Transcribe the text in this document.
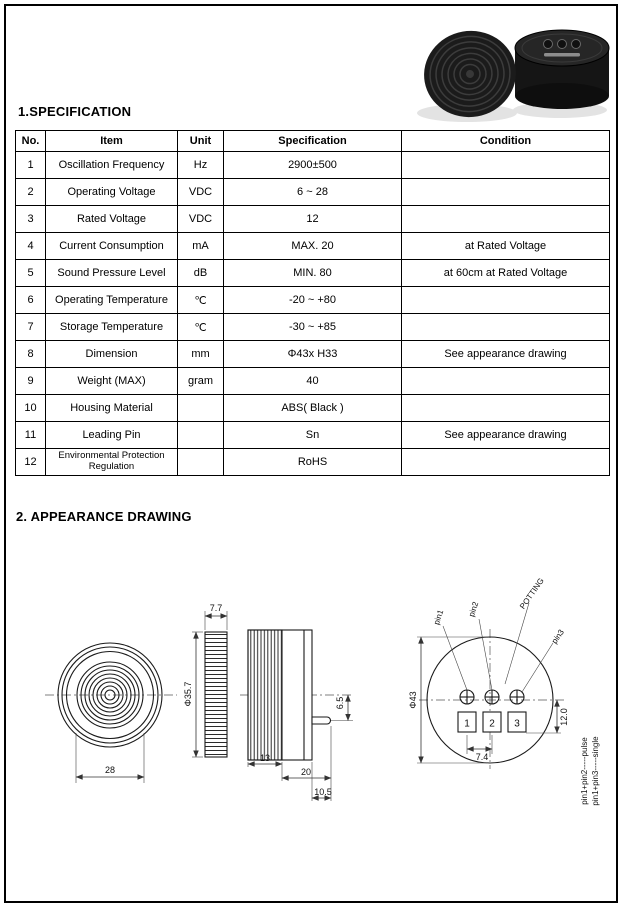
1.SPECIFICATION
No.	Item	Unit	Specification	Condition
1	Oscillation Frequency	Hz	2900±500	
2	Operating Voltage	VDC	6 ~ 28	
3	Rated Voltage	VDC	12	
4	Current Consumption	mA	MAX. 20	at Rated Voltage
5	Sound Pressure Level	dB	MIN. 80	at 60cm at Rated Voltage
6	Operating Temperature	℃	-20 ~ +80	
7	Storage Temperature	℃	-30 ~ +85	
8	Dimension	mm	Φ43x H33	See appearance drawing
9	Weight (MAX)	gram	40	
10	Housing Material		ABS( Black )	
11	Leading Pin		Sn	See appearance drawing
12	Environmental Protection Regulation		RoHS	
2. APPEARANCE DRAWING
28
7.7
Φ35.7	6.5
13
20
10.5
1 2 3
pin1	pin2	POTTING
pin3
Φ43
7.4
12.0
pin1+pin2-----pulse pin1+pin3-----single
